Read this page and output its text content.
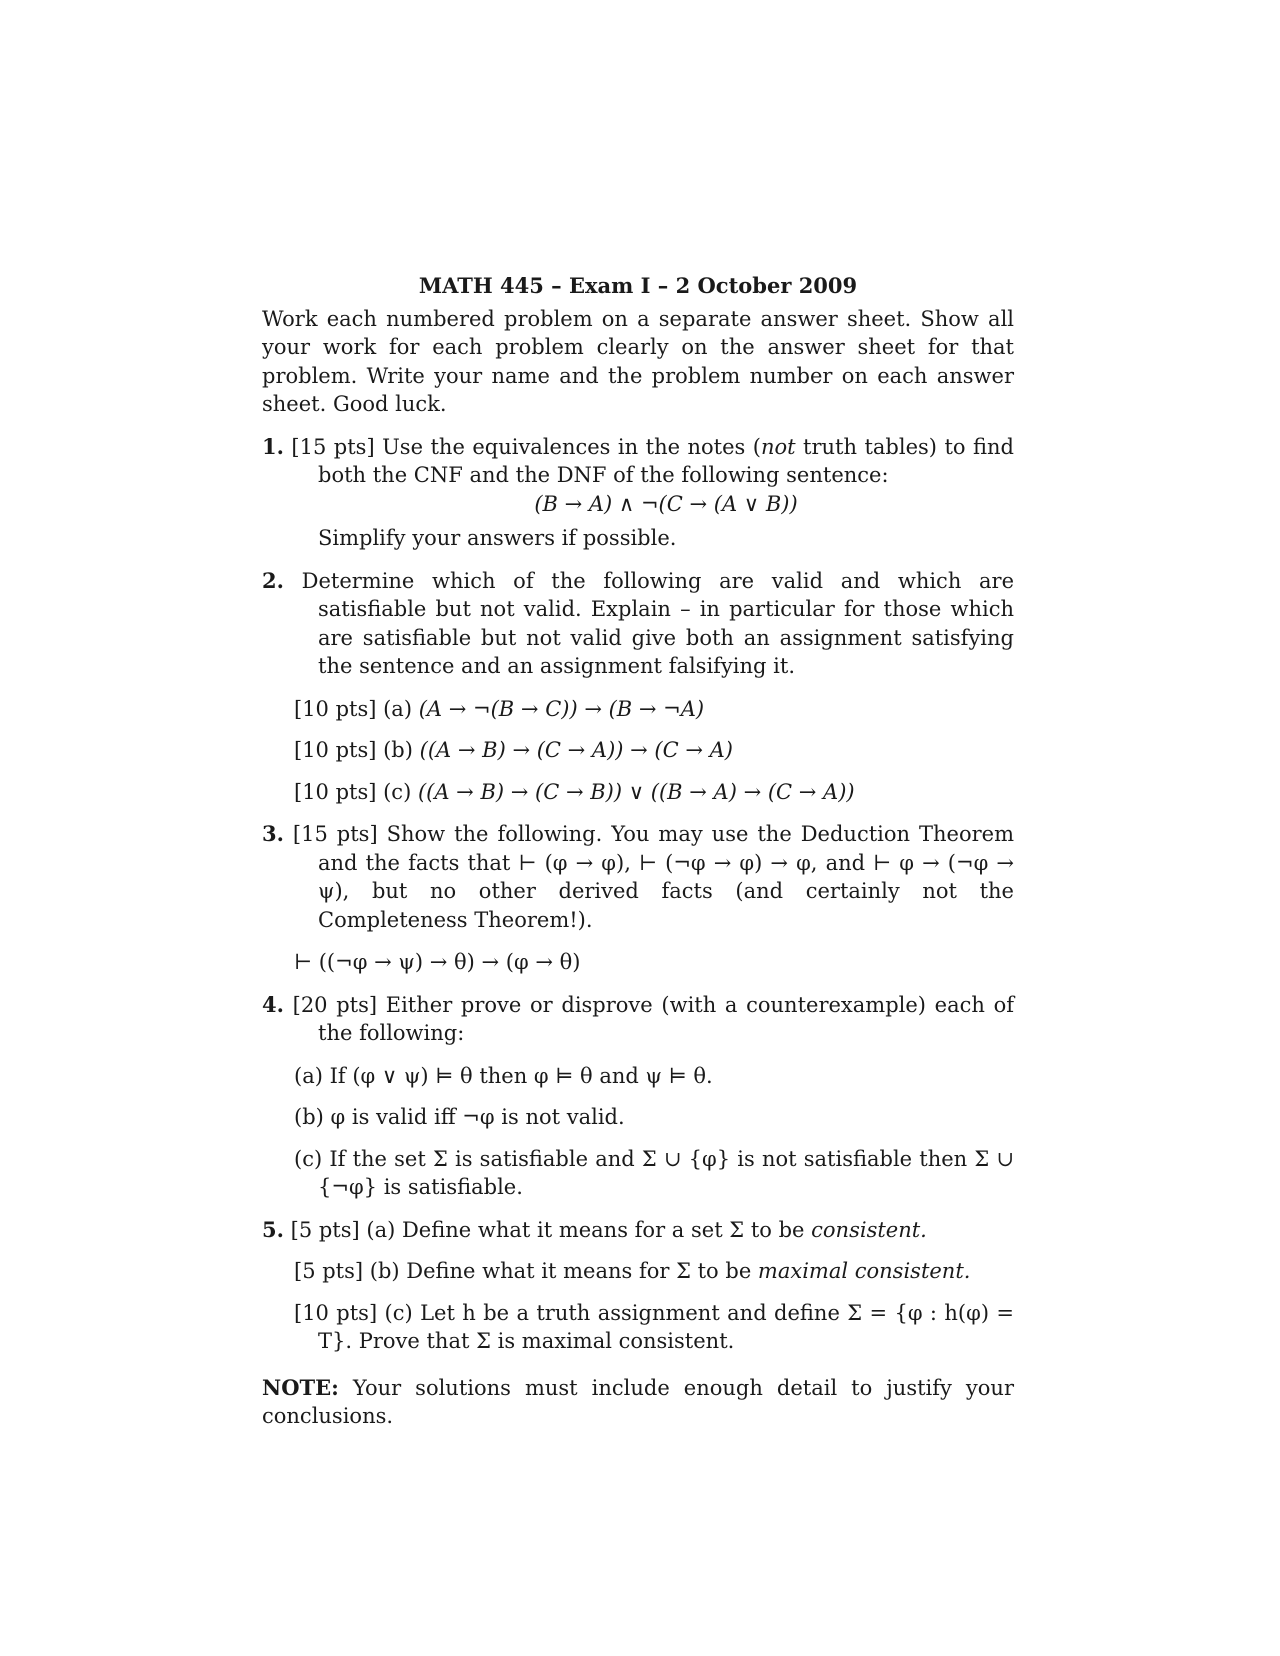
MATH 445 – Exam I – 2 October 2009

Work each numbered problem on a separate answer sheet. Show all your work for each problem clearly on the answer sheet for that problem. Write your name and the problem number on each answer sheet. Good luck.

1. [15 pts] Use the equivalences in the notes (not truth tables) to find both the CNF and the DNF of the following sentence:

(B → A) ∧ ¬(C → (A ∨ B))

Simplify your answers if possible.

2. Determine which of the following are valid and which are satisfiable but not valid. Explain – in particular for those which are satisfiable but not valid give both an assignment satisfying the sentence and an assignment falsifying it.

[10 pts] (a) (A → ¬(B → C)) → (B → ¬A)

[10 pts] (b) ((A → B) → (C → A)) → (C → A)

[10 pts] (c) ((A → B) → (C → B)) ∨ ((B → A) → (C → A))

3. [15 pts] Show the following. You may use the Deduction Theorem and the facts that ⊢ (φ → φ), ⊢ (¬φ → φ) → φ, and ⊢ φ → (¬φ → ψ), but no other derived facts (and certainly not the Completeness Theorem!).

⊢ ((¬φ → ψ) → θ) → (φ → θ)

4. [20 pts] Either prove or disprove (with a counterexample) each of the following:

(a) If (φ ∨ ψ) ⊨ θ then φ ⊨ θ and ψ ⊨ θ.

(b) φ is valid iff ¬φ is not valid.

(c) If the set Σ is satisfiable and Σ ∪ {φ} is not satisfiable then Σ ∪ {¬φ} is satisfiable.

5. [5 pts] (a) Define what it means for a set Σ to be consistent.

[5 pts] (b) Define what it means for Σ to be maximal consistent.

[10 pts] (c) Let h be a truth assignment and define Σ = {φ : h(φ) = T}. Prove that Σ is maximal consistent.

NOTE: Your solutions must include enough detail to justify your conclusions.
